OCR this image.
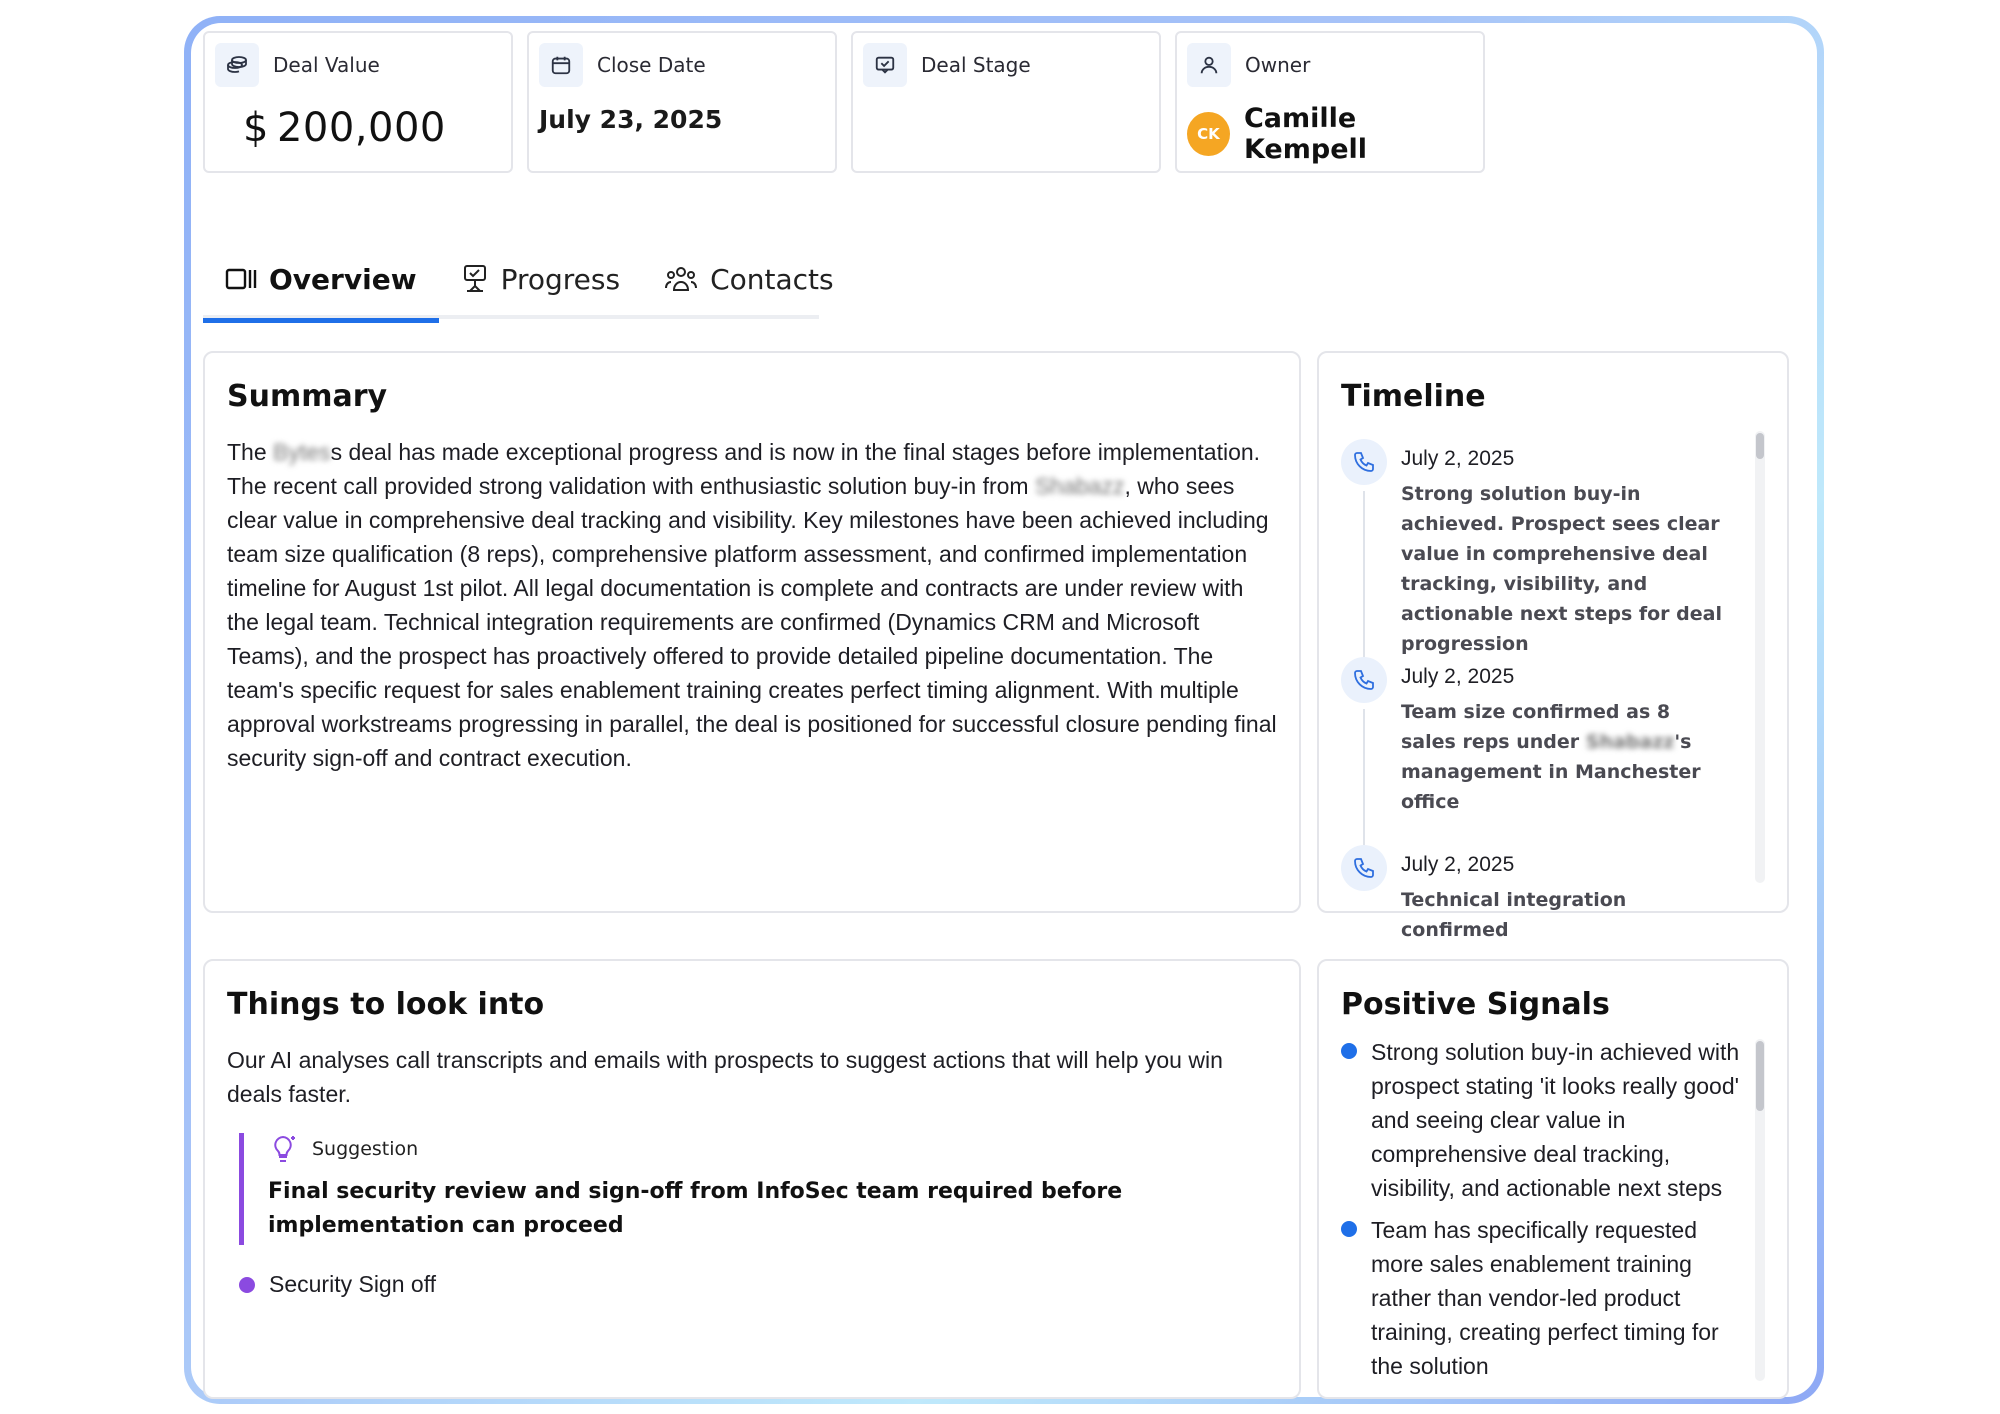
Deal Value
$ 200,000
Close Date
July 23, 2025
Deal Stage	Owner
CK Camille Kempell
Overview	Progress	Contacts
Summary

The Bytess deal has made exceptional progress and is now in the final stages before implementation. The recent call provided strong validation with enthusiastic solution buy-in from Shabazz, who sees clear value in comprehensive deal tracking and visibility. Key milestones have been achieved including team size qualification (8 reps), comprehensive platform assessment, and confirmed implementation timeline for August 1st pilot. All legal documentation is complete and contracts are under review with the legal team. Technical integration requirements are confirmed (Dynamics CRM and Microsoft Teams), and the prospect has proactively offered to provide detailed pipeline documentation. The team's specific request for sales enablement training creates perfect timing alignment. With multiple approval workstreams progressing in parallel, the deal is positioned for successful closure pending final security sign-off and contract execution.

Timeline
July 2, 2025
Strong solution buy-in achieved. Prospect sees clear value in comprehensive deal tracking, visibility, and actionable next steps for deal progression
July 2, 2025
Team size confirmed as 8 sales reps under Shabazz's management in Manchester office
July 2, 2025
Technical integration confirmed
Things to look into

Our AI analyses call transcripts and emails with prospects to suggest actions that will help you win deals faster.

Suggestion
Final security review and sign-off from InfoSec team required before implementation can proceed
Security Sign off
Positive Signals
Strong solution buy-in achieved with prospect stating 'it looks really good' and seeing clear value in comprehensive deal tracking, visibility, and actionable next steps
Team has specifically requested more sales enablement training rather than vendor-led product training, creating perfect timing for the solution
